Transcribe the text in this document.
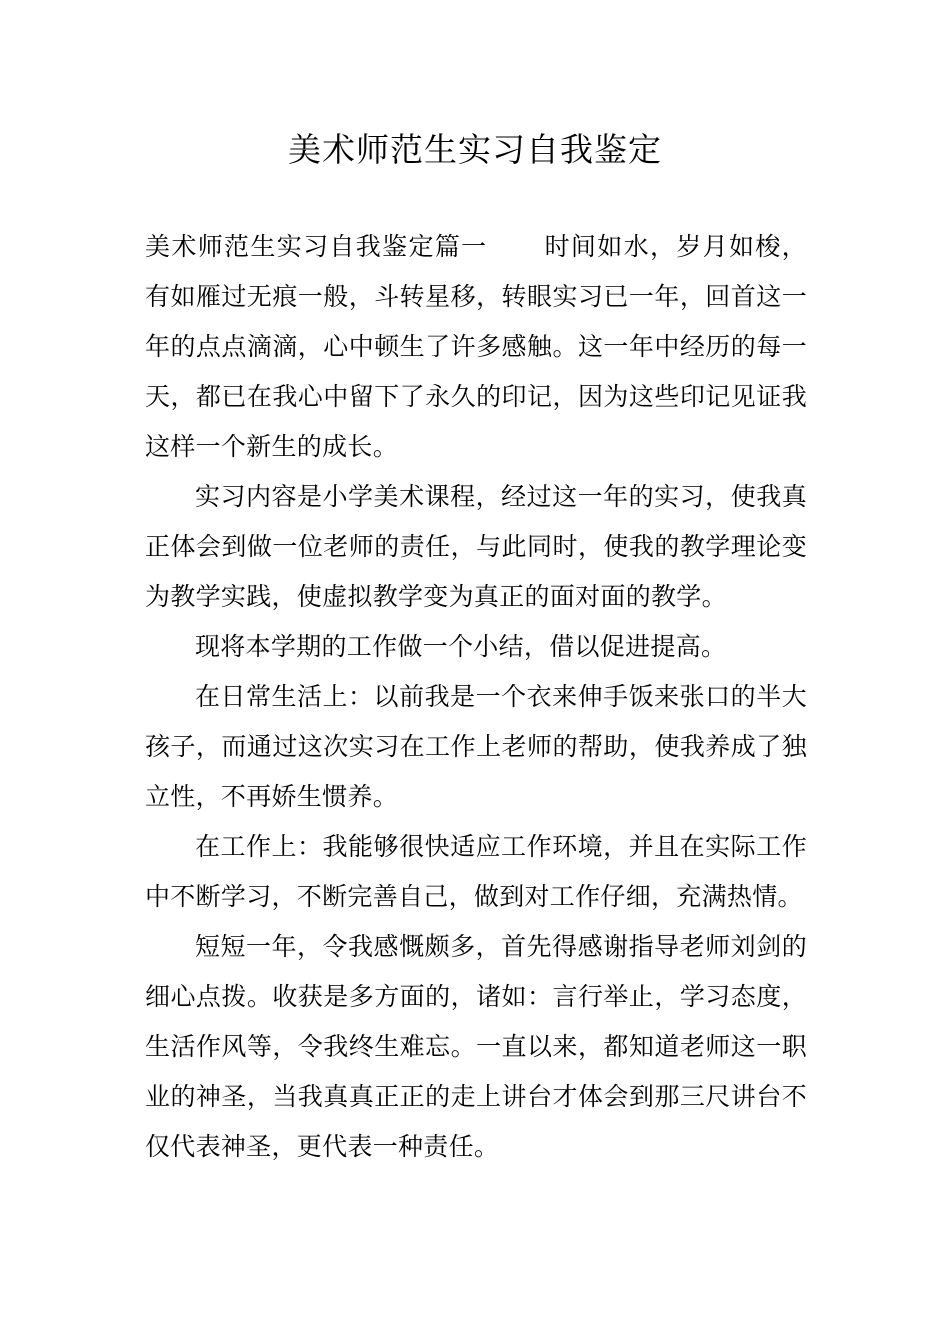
美术师范生实习自我鉴定

美术师范生实习自我鉴定篇一 时间如水，岁月如梭，有如雁过无痕一般，斗转星移，转眼实习已一年，回首这一年的点点滴滴，心中顿生了许多感触。这一年中经历的每一天，都已在我心中留下了永久的印记，因为这些印记见证我这样一个新生的成长。

实习内容是小学美术课程，经过这一年的实习，使我真正体会到做一位老师的责任，与此同时，使我的教学理论变为教学实践，使虚拟教学变为真正的面对面的教学。

现将本学期的工作做一个小结，借以促进提高。

在日常生活上：以前我是一个衣来伸手饭来张口的半大孩子，而通过这次实习在工作上老师的帮助，使我养成了独立性，不再娇生惯养。

在工作上：我能够很快适应工作环境，并且在实际工作中不断学习，不断完善自己，做到对工作仔细，充满热情。

短短一年，令我感慨颇多，首先得感谢指导老师刘剑的细心点拨。收获是多方面的，诸如：言行举止，学习态度，生活作风等，令我终生难忘。一直以来，都知道老师这一职业的神圣，当我真真正正的走上讲台才体会到那三尺讲台不仅代表神圣，更代表一种责任。
